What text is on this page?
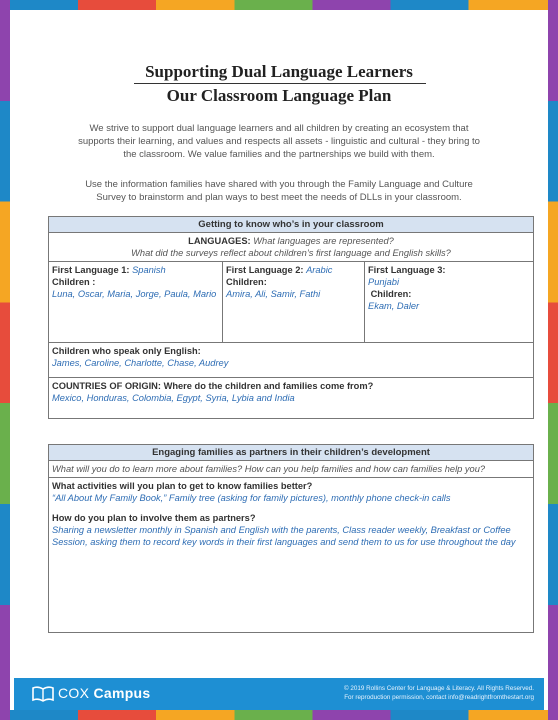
Supporting Dual Language Learners
Our Classroom Language Plan
We strive to support dual language learners and all children by creating an ecosystem that supports their learning, and values and respects all assets - linguistic and cultural - they bring to the classroom. We value families and the partnerships we build with them.
Use the information families have shared with you through the Family Language and Culture Survey to brainstorm and plan ways to best meet the needs of DLLs in your classroom.
Getting to know who’s in your classroom
LANGUAGES: What languages are represented?
What did the surveys reflect about children’s first language and English skills?
First Language 1: Spanish
Children :
Luna, Oscar, Maria, Jorge, Paula, Mario
First Language 2: Arabic
Children:
Amira, Ali, Samir, Fathi
First Language 3:
Punjabi
Children:
Ekam, Daler
Children who speak only English:
James, Caroline, Charlotte, Chase, Audrey
COUNTRIES OF ORIGIN: Where do the children and families come from?
Mexico, Honduras, Colombia, Egypt, Syria, Lybia and India
Engaging families as partners in their children’s development
What will you do to learn more about families? How can you help families and how can families help you?
What activities will you plan to get to know families better?
“All About My Family Book,” Family tree (asking for family pictures), monthly phone check-in calls
How do you plan to involve them as partners?
Sharing a newsletter monthly in Spanish and English with the parents, Class reader weekly, Breakfast or Coffee Session, asking them to record key words in their first languages and send them to us for use throughout the day
COX Campus	© 2019 Rollins Center for Language & Literacy. All Rights Reserved.
For reproduction permission, contact info@readrightfromthestart.org
